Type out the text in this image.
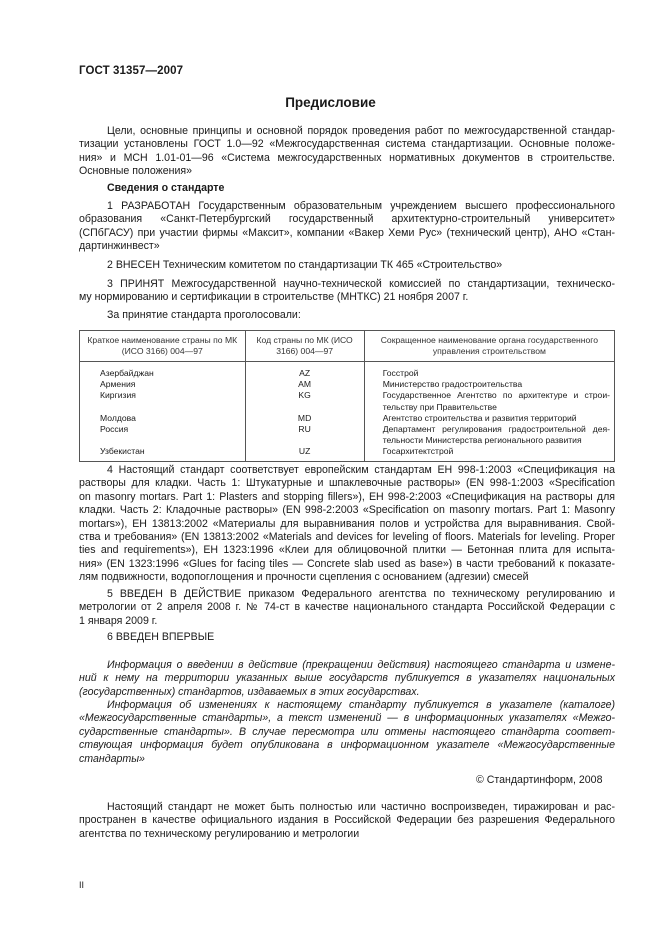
ГОСТ 31357—2007
Предисловие
Цели, основные принципы и основной порядок проведения работ по межгосударственной стандар-
тизации установлены ГОСТ 1.0—92 «Межгосударственная система стандартизации. Основные положе-
ния» и МСН 1.01-01—96 «Система межгосударственных нормативных документов в строительстве.
Основные положения»
Сведения о стандарте
1 РАЗРАБОТАН Государственным образовательным учреждением высшего профессионального
образования «Санкт-Петербургский государственный архитектурно-строительный университет»
(СПбГАСУ) при участии фирмы «Максит», компании «Вакер Хеми Рус» (технический центр), АНО «Стан-
дартинжинвест»
2 ВНЕСЕН Техническим комитетом по стандартизации ТК 465 «Строительство»
3 ПРИНЯТ Межгосударственной научно-технической комиссией по стандартизации, техническо-
му нормированию и сертификации в строительстве (МНТКС) 21 ноября 2007 г.
За принятие стандарта проголосовали:
Краткое наименование страны по МК (ИСО 3166) 004—97	Код страны по МК (ИСО 3166) 004—97	Сокращенное наименование органа государственного управления строительством
Азербайджан	AZ	Госстрой
Армения	AM	Министерство градостроительства
Киргизия	KG	Государственное Агентство по архитектуре и строи-
тельству при Правительстве

Молдова	MD	Агентство строительства и развития территорий
Россия	RU	Департамент регулирования градостроительной дея-
тельности Министерства регионального развития

Узбекистан	UZ	Госархитектстрой
4 Настоящий стандарт соответствует европейским стандартам ЕН 998-1:2003 «Спецификация на
растворы для кладки. Часть 1: Штукатурные и шпаклевочные растворы» (EN 998-1:2003 «Specification
on masonry mortars. Part 1: Plasters and stopping fillers»), ЕН 998-2:2003 «Спецификация на растворы для
кладки. Часть 2: Кладочные растворы» (EN 998-2:2003 «Specification on masonry mortars. Part 1: Masonry
mortars»), ЕН 13813:2002 «Материалы для выравнивания полов и устройства для выравнивания. Свой-
ства и требования» (EN 13813:2002 «Materials and devices for leveling of floors. Materials for leveling. Proper
ties and requirements»), ЕН 1323:1996 «Клеи для облицовочной плитки — Бетонная плита для испыта-
ния» (EN 1323:1996 «Glues for facing tiles — Concrete slab used as base») в части требований к показате-
лям подвижности, водопоглощения и прочности сцепления с основанием (адгезии) смесей
5 ВВЕДЕН В ДЕЙСТВИЕ приказом Федерального агентства по техническому регулированию и
метрологии от 2 апреля 2008 г. № 74-ст в качестве национального стандарта Российской Федерации с
1 января 2009 г.
6 ВВЕДЕН ВПЕРВЫЕ
Информация о введении в действие (прекращении действия) настоящего стандарта и измене-
ний к нему на территории указанных выше государств публикуется в указателях национальных
(государственных) стандартов, издаваемых в этих государствах.
Информация об изменениях к настоящему стандарту публикуется в указателе (каталоге)
«Межгосударственные стандарты», а текст изменений — в информационных указателях «Межго-
сударственные стандарты». В случае пересмотра или отмены настоящего стандарта соответ-
ствующая информация будет опубликована в информационном указателе «Межгосударственные
стандарты»
© Стандартинформ, 2008
Настоящий стандарт не может быть полностью или частично воспроизведен, тиражирован и рас-
пространен в качестве официального издания в Российской Федерации без разрешения Федерального
агентства по техническому регулированию и метрологии
II
